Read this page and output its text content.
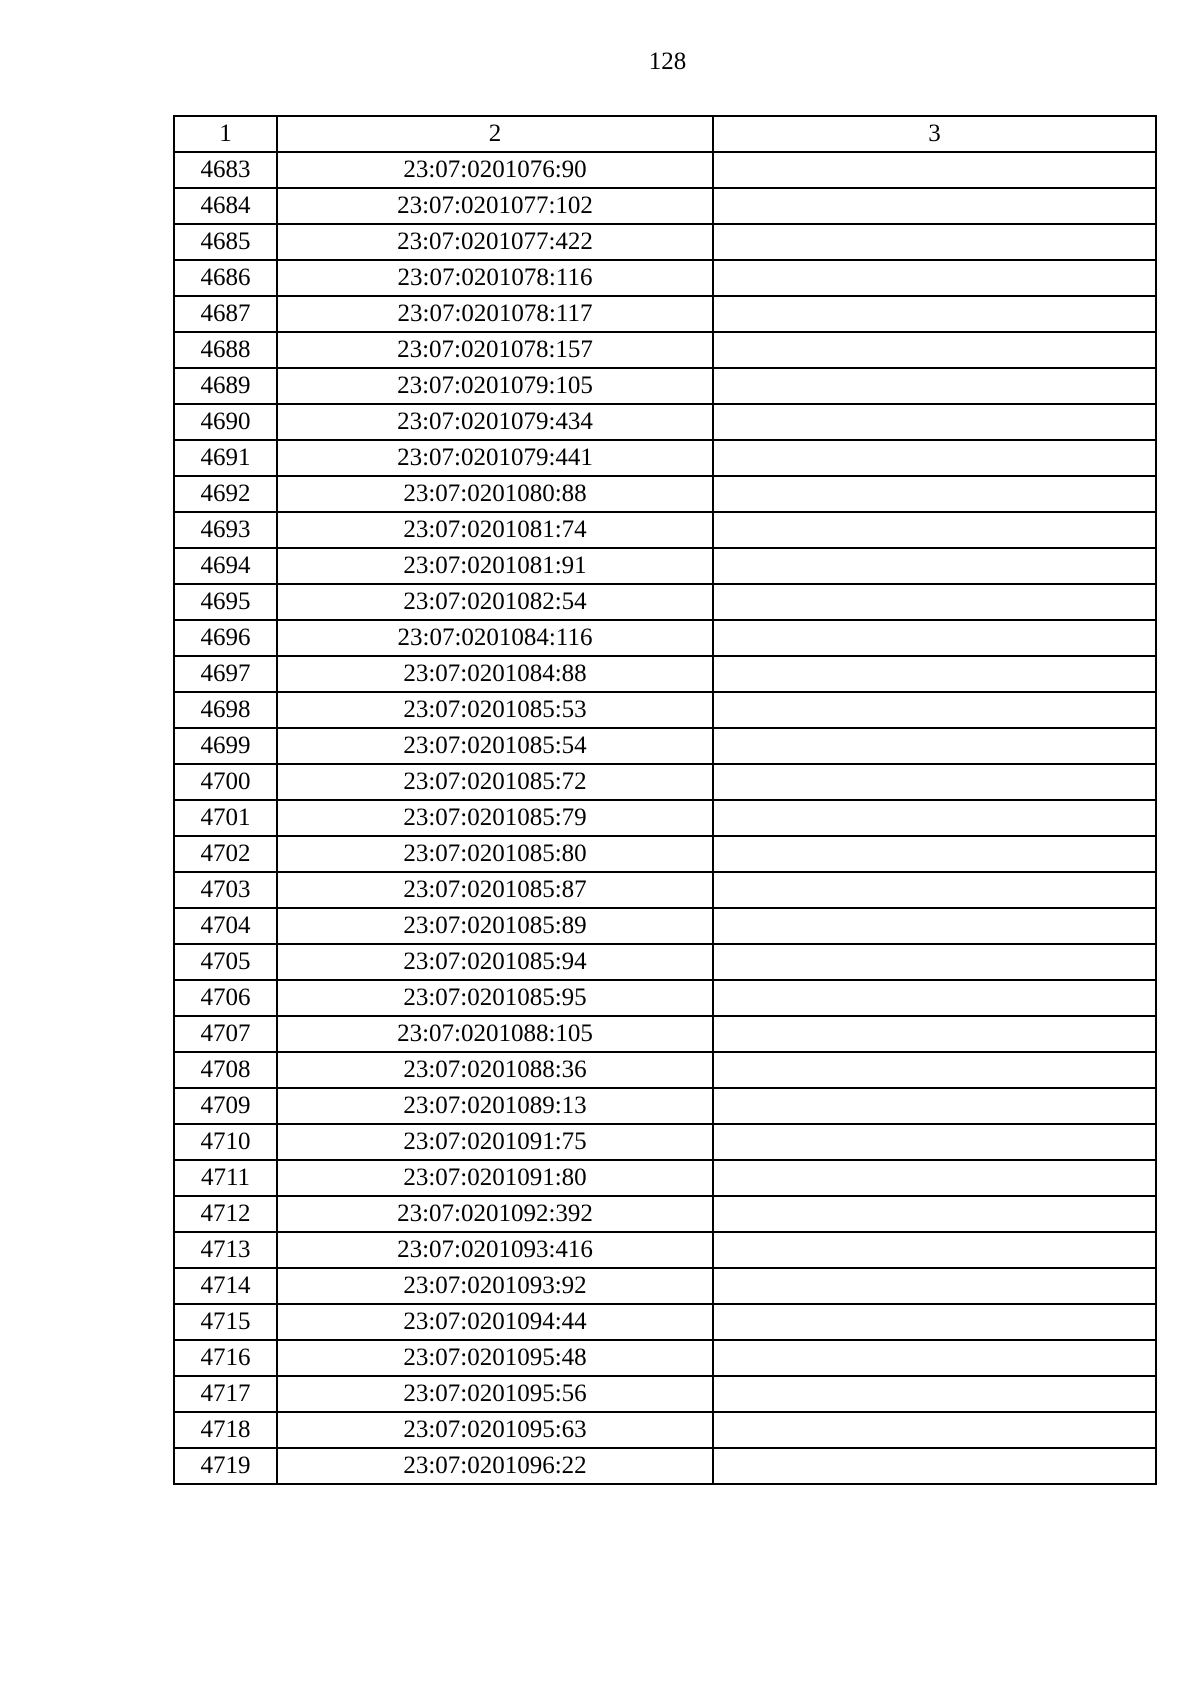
128
1	2	3
4683	23:07:0201076:90	
4684	23:07:0201077:102	
4685	23:07:0201077:422	
4686	23:07:0201078:116	
4687	23:07:0201078:117	
4688	23:07:0201078:157	
4689	23:07:0201079:105	
4690	23:07:0201079:434	
4691	23:07:0201079:441	
4692	23:07:0201080:88	
4693	23:07:0201081:74	
4694	23:07:0201081:91	
4695	23:07:0201082:54	
4696	23:07:0201084:116	
4697	23:07:0201084:88	
4698	23:07:0201085:53	
4699	23:07:0201085:54	
4700	23:07:0201085:72	
4701	23:07:0201085:79	
4702	23:07:0201085:80	
4703	23:07:0201085:87	
4704	23:07:0201085:89	
4705	23:07:0201085:94	
4706	23:07:0201085:95	
4707	23:07:0201088:105	
4708	23:07:0201088:36	
4709	23:07:0201089:13	
4710	23:07:0201091:75	
4711	23:07:0201091:80	
4712	23:07:0201092:392	
4713	23:07:0201093:416	
4714	23:07:0201093:92	
4715	23:07:0201094:44	
4716	23:07:0201095:48	
4717	23:07:0201095:56	
4718	23:07:0201095:63	
4719	23:07:0201096:22	
